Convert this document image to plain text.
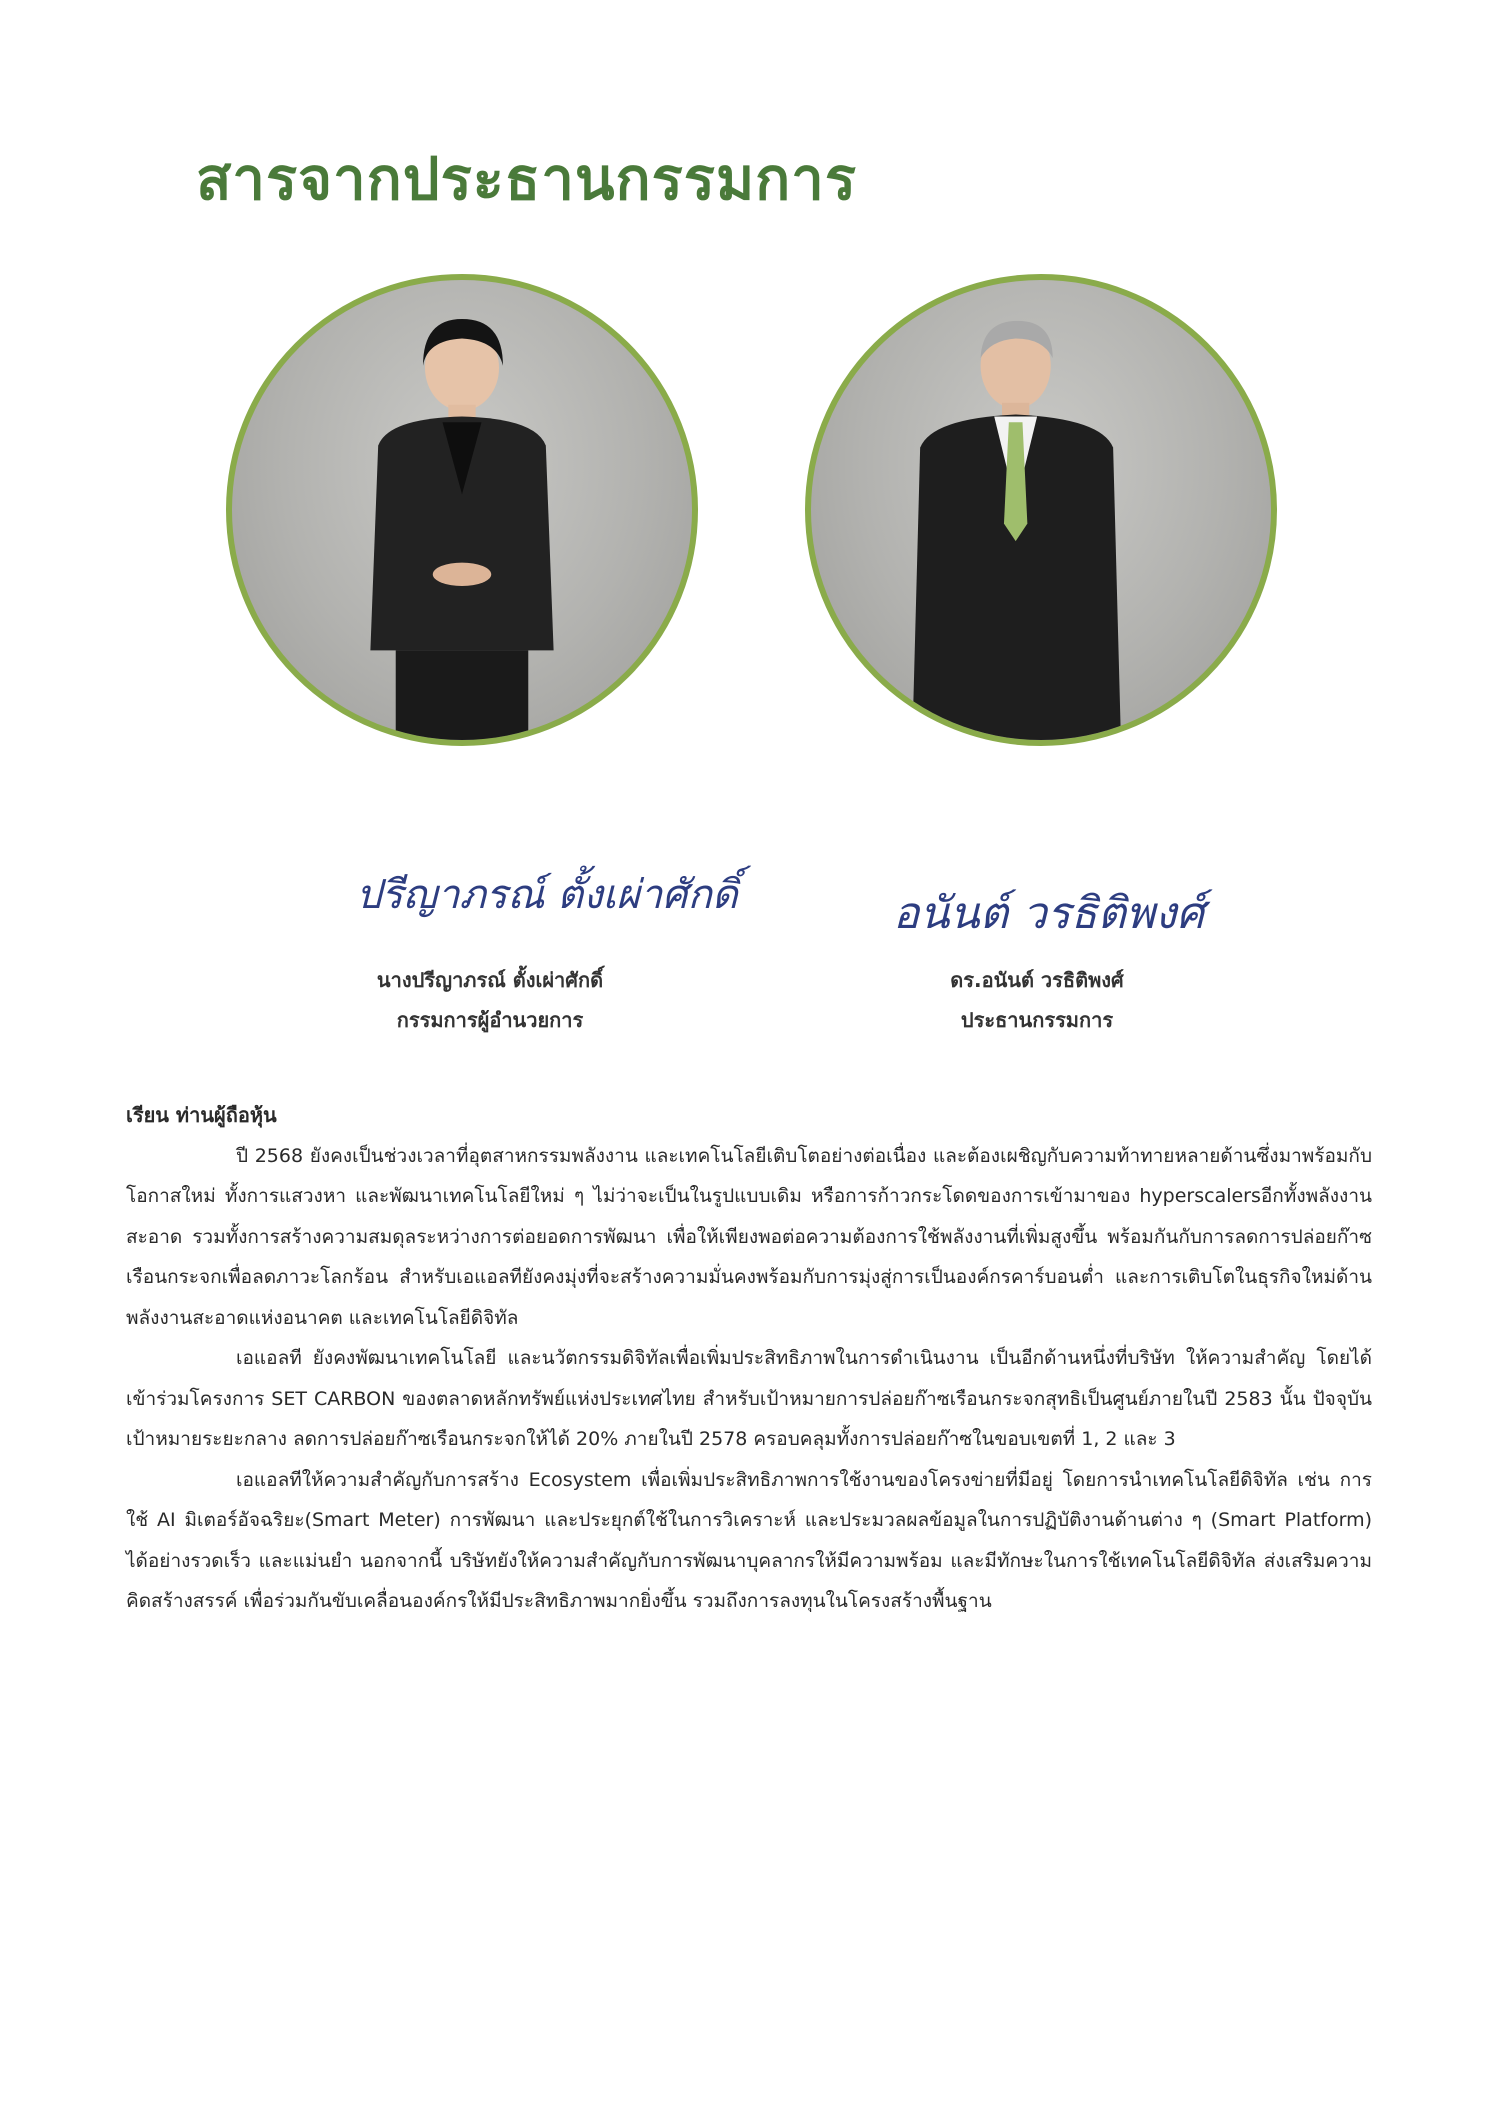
สารจากประธานกรรมการ
ปรีญาภรณ์ ตั้งเผ่าศักดิ์	อนันต์ วรธิติพงศ์
นางปรีญาภรณ์ ตั้งเผ่าศักดิ์
กรรมการผู้อำนวยการ
ดร.อนันต์ วรธิติพงศ์
ประธานกรรมการ

เรียน ท่านผู้ถือหุ้น

ปี 2568 ยังคงเป็นช่วงเวลาที่อุตสาหกรรมพลังงาน และเทคโนโลยีเติบโตอย่างต่อเนื่อง และต้องเผชิญกับความท้าทายหลายด้านซึ่งมาพร้อมกับโอกาสใหม่ ทั้งการแสวงหา และพัฒนาเทคโนโลยีใหม่ ๆ ไม่ว่าจะเป็นในรูปแบบเดิม หรือการก้าวกระโดดของการเข้ามาของ hyperscalersอีกทั้งพลังงานสะอาด รวมทั้งการสร้างความสมดุลระหว่างการต่อยอดการพัฒนา เพื่อให้เพียงพอต่อความต้องการใช้พลังงานที่เพิ่มสูงขึ้น พร้อมกันกับการลดการปล่อยก๊าซเรือนกระจกเพื่อลดภาวะโลกร้อน สำหรับเอแอลทียังคงมุ่งที่จะสร้างความมั่นคงพร้อมกับการมุ่งสู่การเป็นองค์กรคาร์บอนต่ำ และการเติบโตในธุรกิจใหม่ด้านพลังงานสะอาดแห่งอนาคต และเทคโนโลยีดิจิทัล

เอแอลที ยังคงพัฒนาเทคโนโลยี และนวัตกรรมดิจิทัลเพื่อเพิ่มประสิทธิภาพในการดำเนินงาน เป็นอีกด้านหนึ่งที่บริษัท ให้ความสำคัญ โดยได้เข้าร่วมโครงการ SET CARBON ของตลาดหลักทรัพย์แห่งประเทศไทย สำหรับเป้าหมายการปล่อยก๊าซเรือนกระจกสุทธิเป็นศูนย์ภายในปี 2583 นั้น ปัจจุบันเป้าหมายระยะกลาง ลดการปล่อยก๊าซเรือนกระจกให้ได้ 20% ภายในปี 2578 ครอบคลุมทั้งการปล่อยก๊าซในขอบเขตที่ 1, 2 และ 3

เอแอลทีให้ความสำคัญกับการสร้าง Ecosystem เพื่อเพิ่มประสิทธิภาพการใช้งานของโครงข่ายที่มีอยู่ โดยการนำเทคโนโลยีดิจิทัล เช่น การใช้ AI มิเตอร์อัจฉริยะ(Smart Meter) การพัฒนา และประยุกต์ใช้ในการวิเคราะห์ และประมวลผลข้อมูลในการปฏิบัติงานด้านต่าง ๆ (Smart Platform) ได้อย่างรวดเร็ว และแม่นยำ นอกจากนี้ บริษัทยังให้ความสำคัญกับการพัฒนาบุคลากรให้มีความพร้อม และมีทักษะในการใช้เทคโนโลยีดิจิทัล ส่งเสริมความคิดสร้างสรรค์ เพื่อร่วมกันขับเคลื่อนองค์กรให้มีประสิทธิภาพมากยิ่งขึ้น รวมถึงการลงทุนในโครงสร้างพื้นฐาน
